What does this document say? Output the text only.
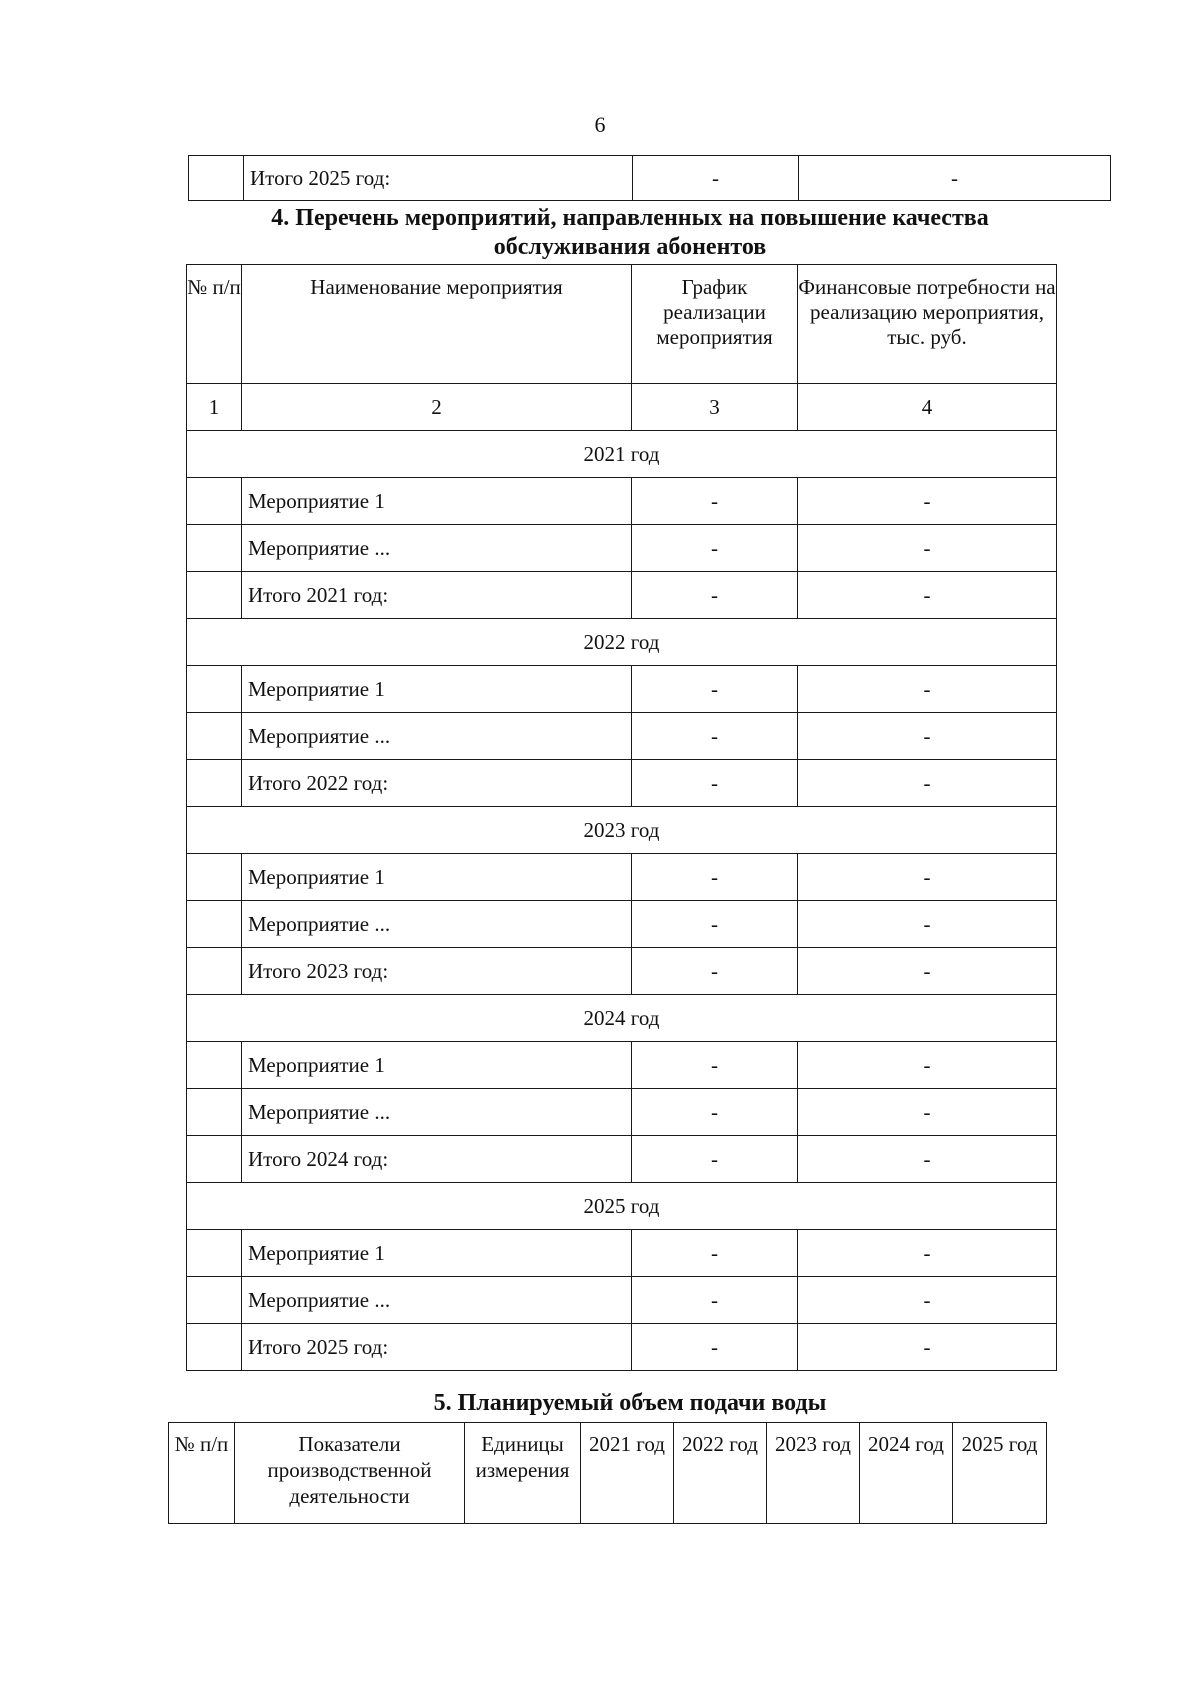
6
	Итого 2025 год:	-	-
4. Перечень мероприятий, направленных на повышение качества
обслуживания абонентов
№ п/п	Наименование мероприятия	График реализации мероприятия	Финансовые потребности на реализацию мероприятия, тыс. руб.
1	2	3	4
2021 год			
	Мероприятие 1	-	-
	Мероприятие ...	-	-
	Итого 2021 год:	-	-
2022 год			
	Мероприятие 1	-	-
	Мероприятие ...	-	-
	Итого 2022 год:	-	-
2023 год			
	Мероприятие 1	-	-
	Мероприятие ...	-	-
	Итого 2023 год:	-	-
2024 год			
	Мероприятие 1	-	-
	Мероприятие ...	-	-
	Итого 2024 год:	-	-
2025 год			
	Мероприятие 1	-	-
	Мероприятие ...	-	-
	Итого 2025 год:	-	-
5. Планируемый объем подачи воды
№ п/п	Показатели производственной деятельности	Единицы измерения	2021 год	2022 год	2023 год	2024 год	2025 год
